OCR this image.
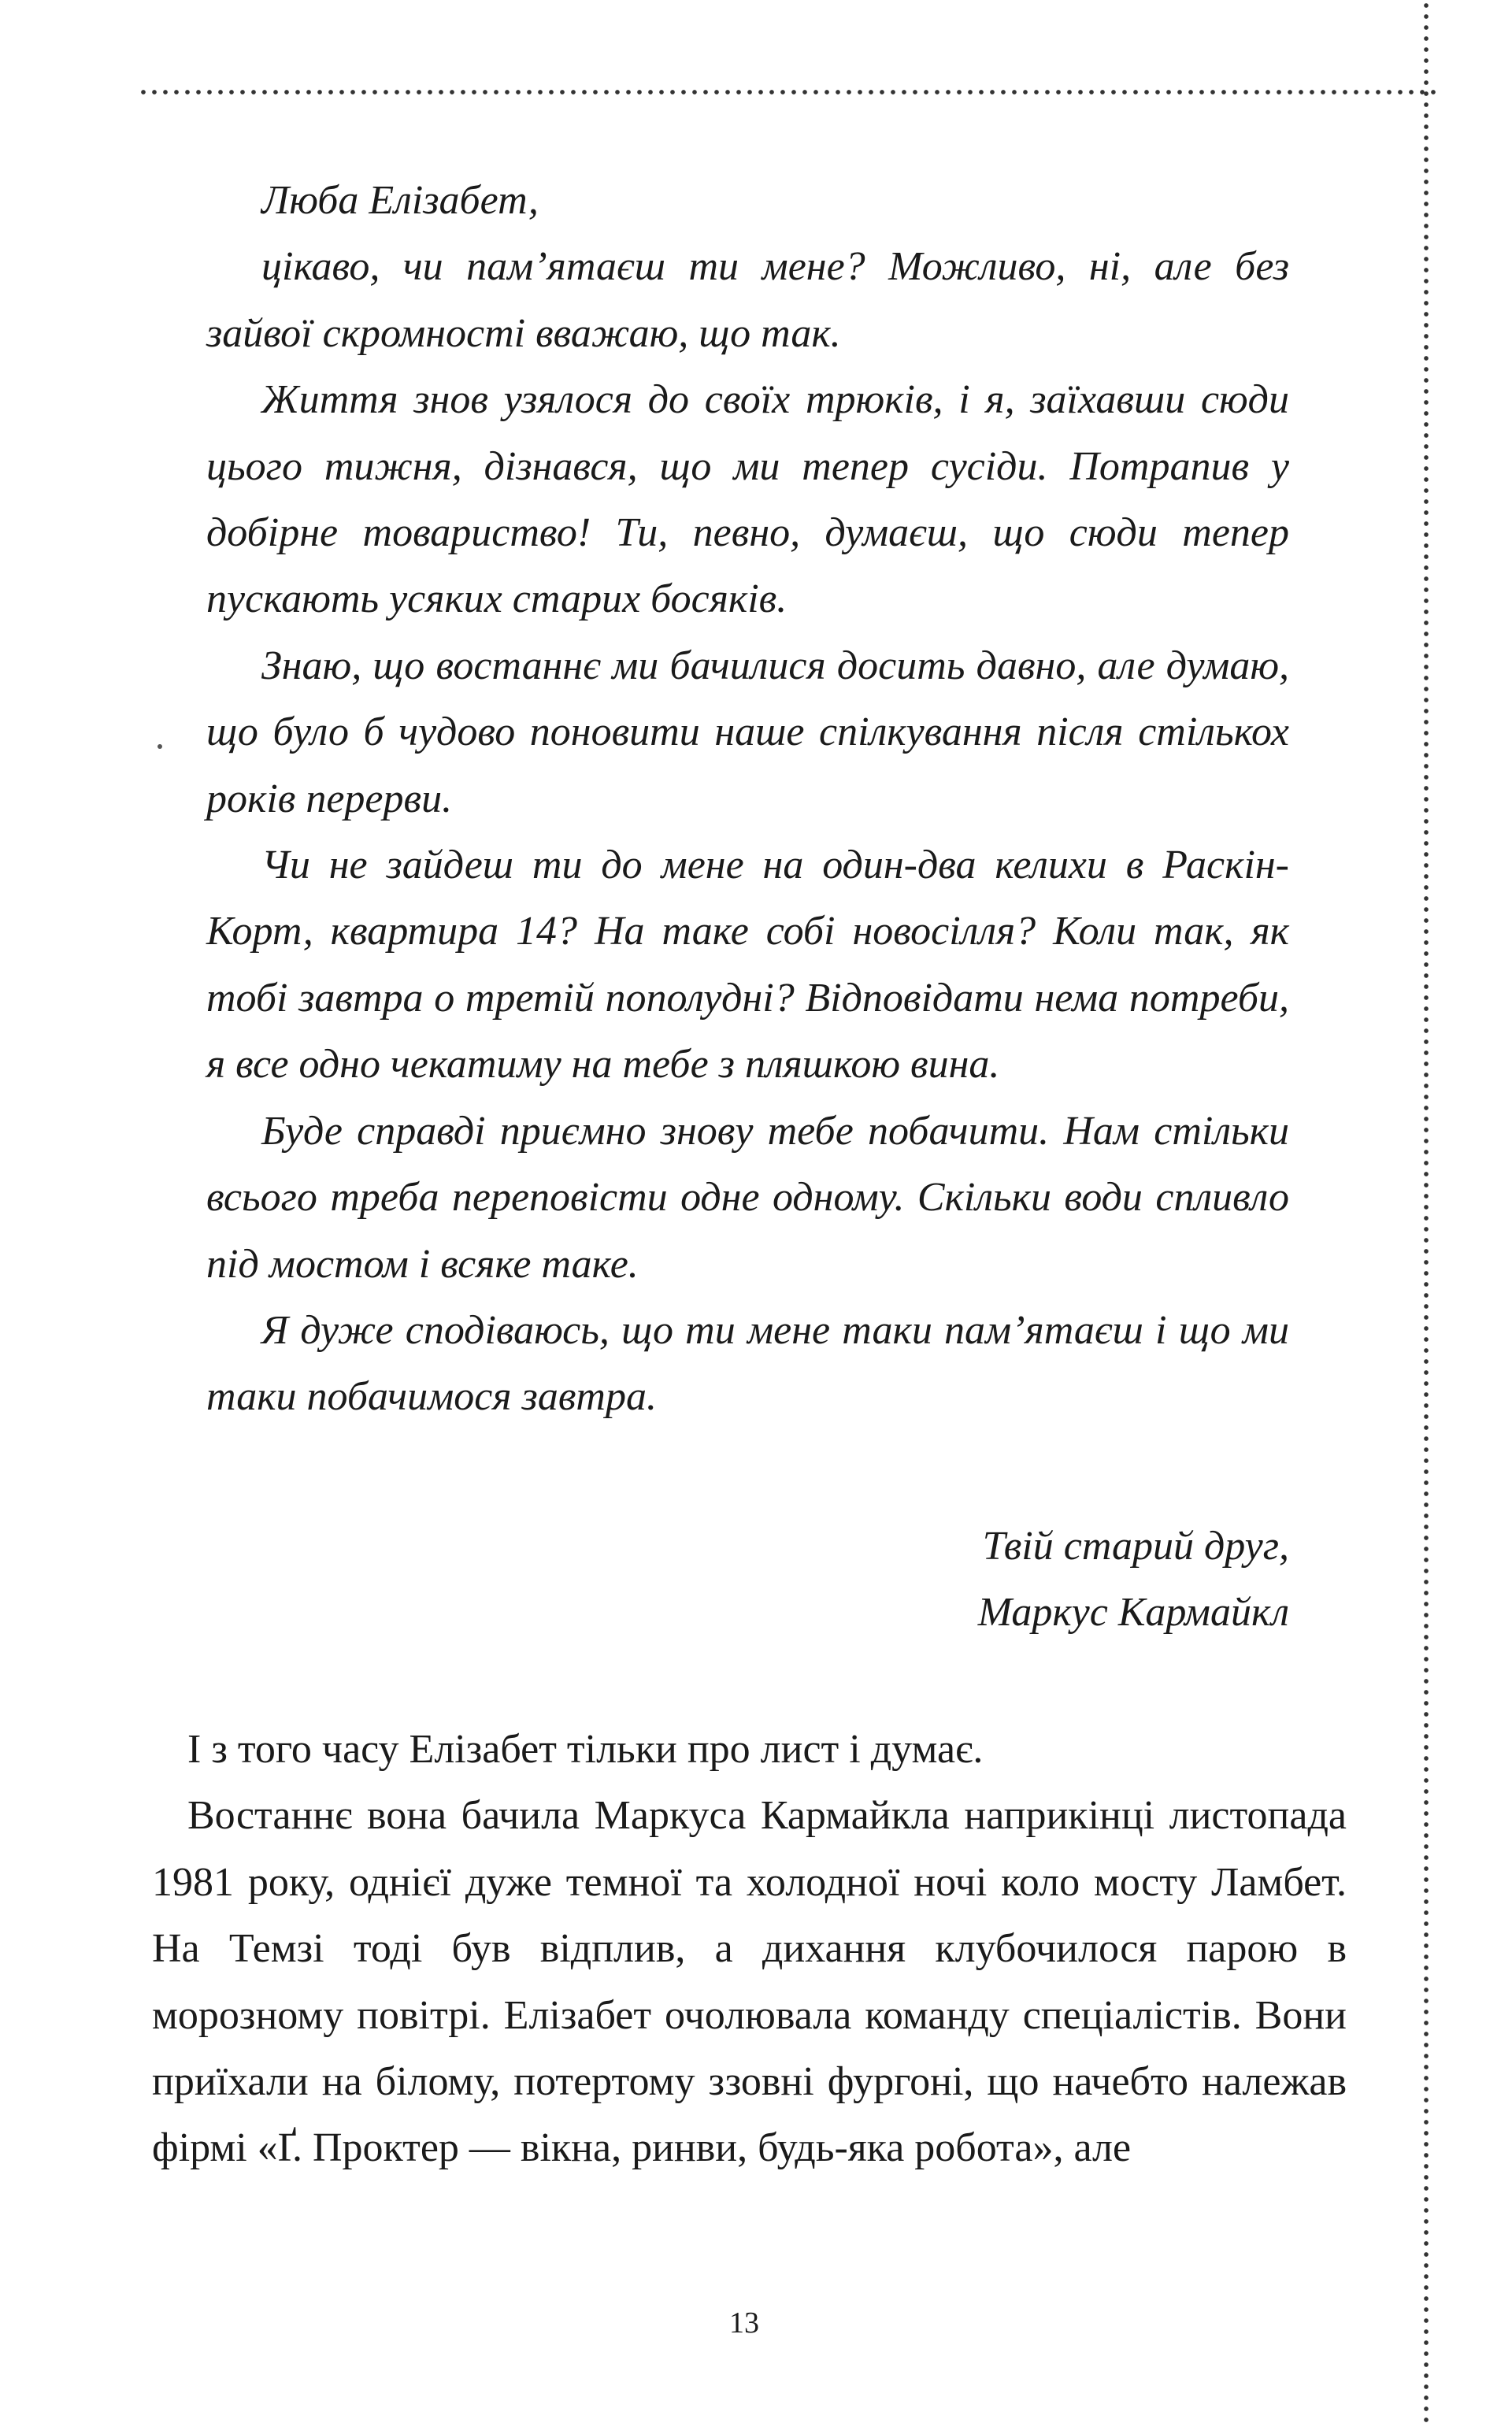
Люба Елізабет,

цікаво, чи пам’ятаєш ти мене? Можливо, ні, але без зайвої скромності вважаю, що так.

Життя знов узялося до своїх трюків, і я, заїхавши сюди цього тижня, дізнався, що ми тепер сусіди. Потрапив у добірне товариство! Ти, певно, думаєш, що сюди тепер пускають усяких старих босяків.

Знаю, що востаннє ми бачилися досить давно, але думаю, що було б чудово поновити наше спілкування після стількох років перерви.

Чи не зайдеш ти до мене на один-два келихи в Раскін-Корт, квартира 14? На таке собі новосілля? Коли так, як тобі завтра о третій пополудні? Відповідати нема потреби, я все одно чекатиму на тебе з пляшкою вина.

Буде справді приємно знову тебе побачити. Нам стільки всього треба переповісти одне одному. Скільки води спливло під мостом і всяке таке.

Я дуже сподіваюсь, що ти мене таки пам’ятаєш і що ми таки побачимося завтра.

Твій старий друг,
Маркус Кармайкл

І з того часу Елізабет тільки про лист і думає.

Востаннє вона бачила Маркуса Кармайкла наприкінці листопада 1981 року, однієї дуже темної та холодної ночі коло мосту Ламбет. На Темзі тоді був відплив, а дихання клубочилося парою в морозному повітрі. Елізабет очолювала команду спеціалістів. Вони приїхали на білому, потертому ззовні фургоні, що начебто належав фірмі «Ґ. Проктер — вікна, ринви, будь-яка робота», але

13
